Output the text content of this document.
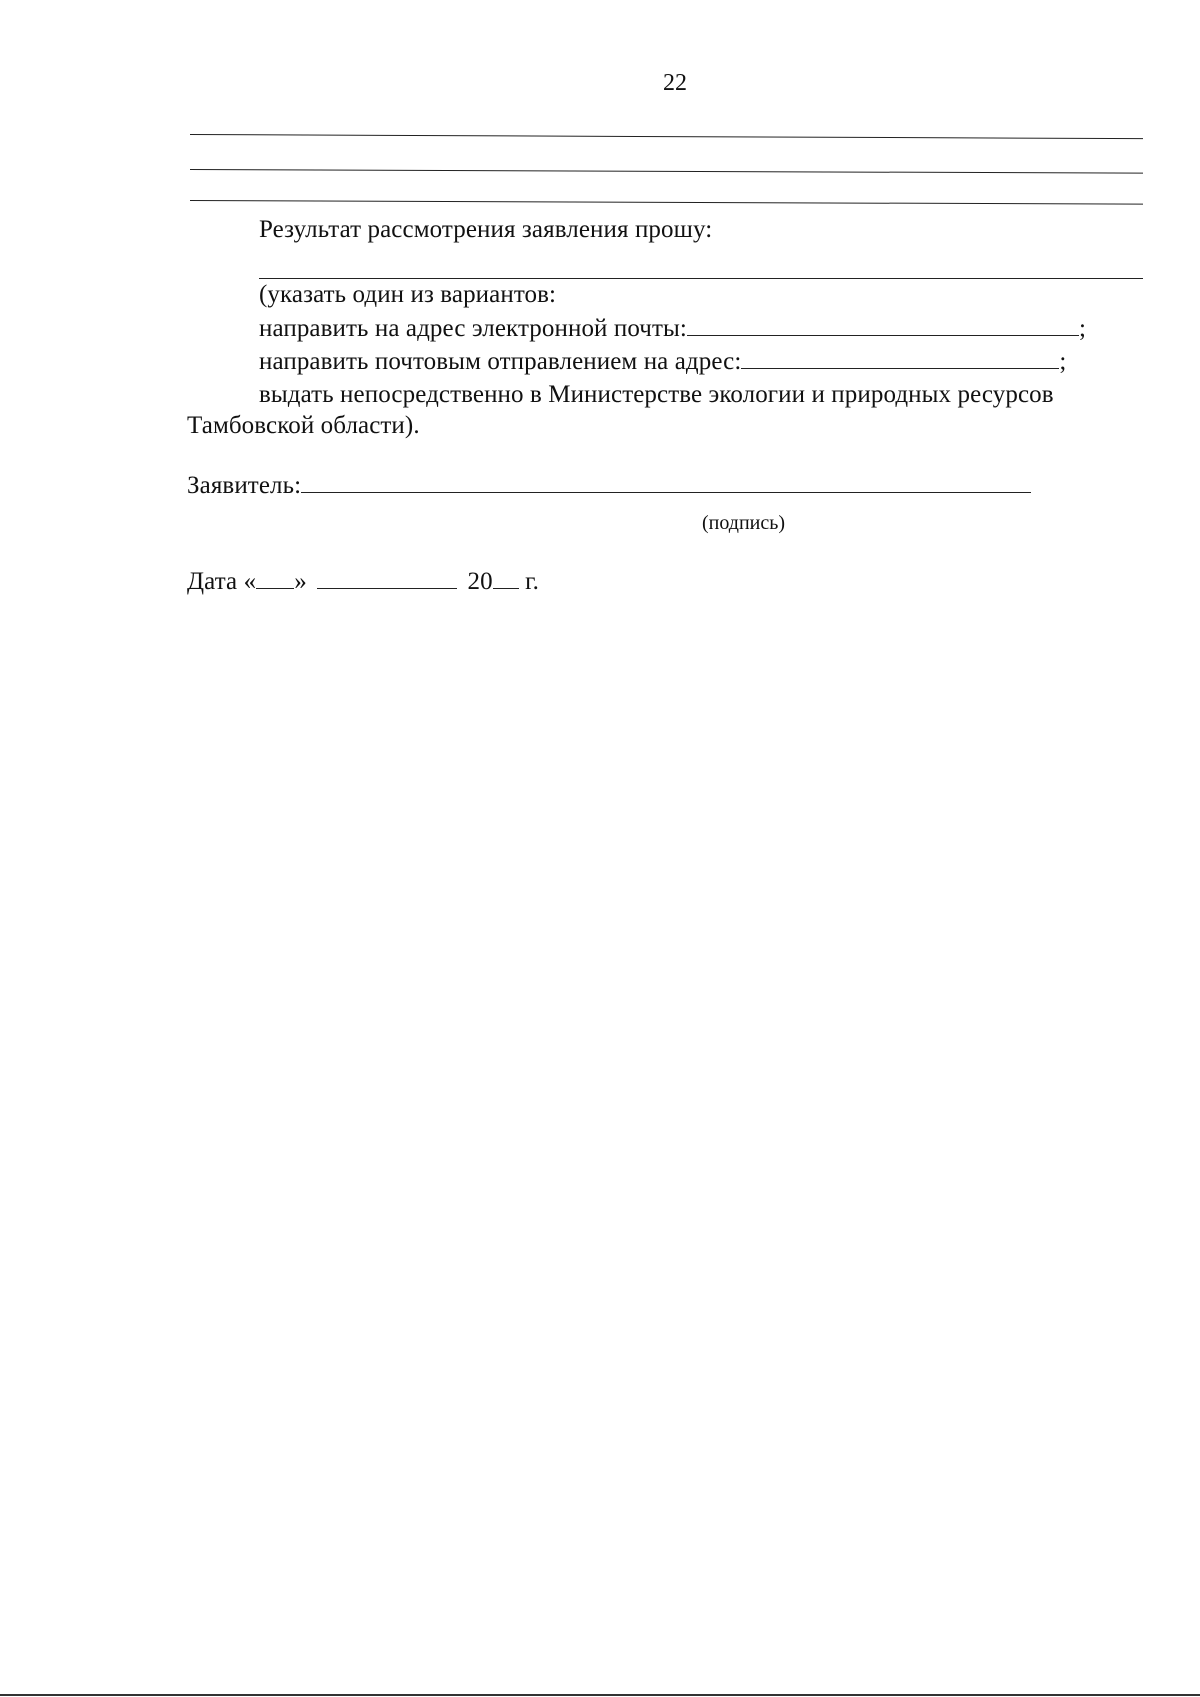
22
Результат рассмотрения заявления прошу:
(указать один из вариантов:
направить на адрес электронной почты:	;
направить почтовым отправлением на адрес:	;
выдать непосредственно в Министерстве экологии и природных ресурсов
Тамбовской области).
Заявитель:
(подпись)
Дата « »	20 г.
